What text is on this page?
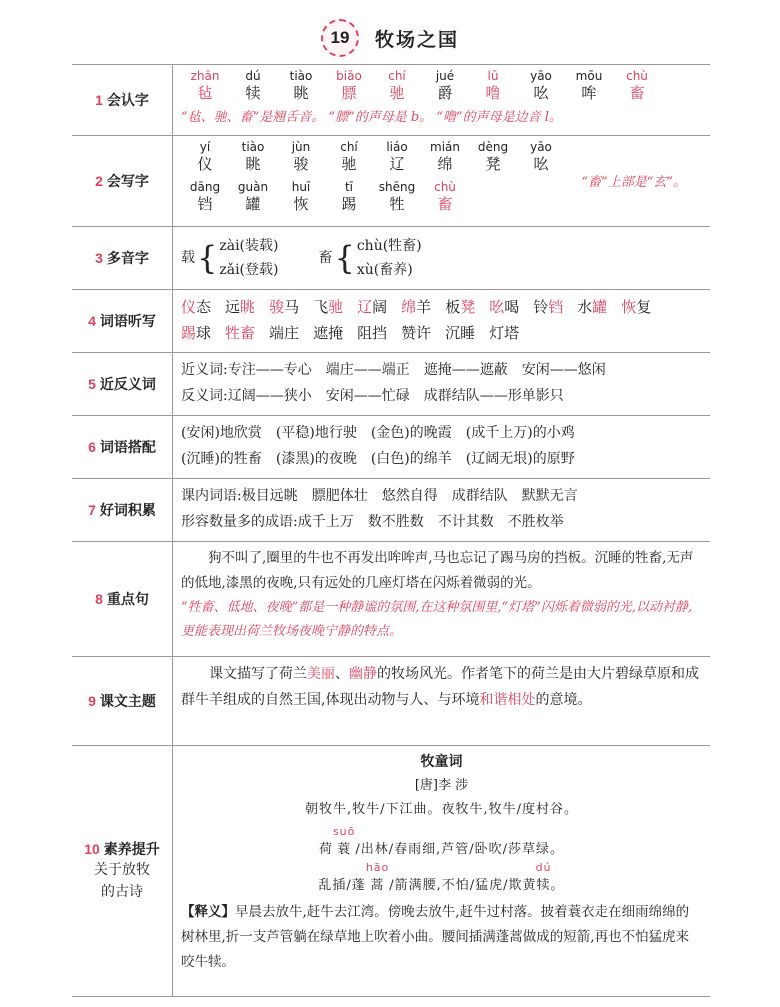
19	牧场之国
1 会认字
zhān
毡
dú
犊
tiào
眺
biāo
膘
chí
驰
jué
爵
lū
噜
yāo
吆
mōu
哞
chù
畜
“毡、驰、畜”是翘舌音。 “膘”的声母是 b。 “噜”的声母是边音 l。
2 会写字
yí
仪
tiào
眺
jùn
骏
chí
驰
liáo
辽
mián
绵
dèng
凳
yāo
吆
dāng
铛
guàn
罐
huī
恢
tī
踢
shēng
牲
chù
畜
“畜”上部是“玄”。
3 多音字 载 { zài(装载)
zǎi(登载)
畜 { chù(牲畜)
xù(畜养)
4 词语听写
仪态 远眺 骏马 飞驰 辽阔 绵羊 板凳 吆喝 铃铛 水罐 恢复
踢球 牲畜 端庄 遮掩 阻挡 赞许 沉睡 灯塔
5 近反义词
近义词:专注——专心　端庄——端正　遮掩——遮蔽　安闲——悠闲
反义词:辽阔——狭小　安闲——忙碌　成群结队——形单影只
6 词语搭配
(安闲)地欣赏　(平稳)地行驶　(金色)的晚霞　(成千上万)的小鸡
(沉睡)的牲畜　(漆黑)的夜晚　(白色)的绵羊　(辽阔无垠)的原野
7 好词积累
课内词语:极目远眺　膘肥体壮　悠然自得　成群结队　默默无言
形容数量多的成语:成千上万　数不胜数　不计其数　不胜枚举
8 重点句
狗不叫了,圈里的牛也不再发出哞哞声,马也忘记了踢马房的挡板。沉睡的牲畜,无声的低地,漆黑的夜晚,只有远处的几座灯塔在闪烁着微弱的光。
“牲畜、低地、夜晚”都是一种静谧的氛围,在这种氛围里,“灯塔”闪烁着微弱的光,以动衬静,更能表现出荷兰牧场夜晚宁静的特点。
9 课文主题
课文描写了荷兰美丽、幽静的牧场风光。作者笔下的荷兰是由大片碧绿草原和成群牛羊组成的自然王国,体现出动物与人、与环境和谐相处的意境。
10 素养提升
关于放牧
的古诗
牧童词
[唐]李 涉
朝牧牛,牧牛/下江曲。夜牧牛,牧牛/度村谷。
荷
suō
蓑 /出林/春雨细,芦管/卧吹/莎草绿。
乱插/蓬
hāo
蒿 /箭满腰,不怕/猛虎/欺
dú
黄犊。
【释义】早晨去放牛,赶牛去江湾。傍晚去放牛,赶牛过村落。披着蓑衣走在细雨绵绵的树林里,折一支芦管躺在绿草地上吹着小曲。腰间插满蓬蒿做成的短箭,再也不怕猛虎来咬牛犊。
